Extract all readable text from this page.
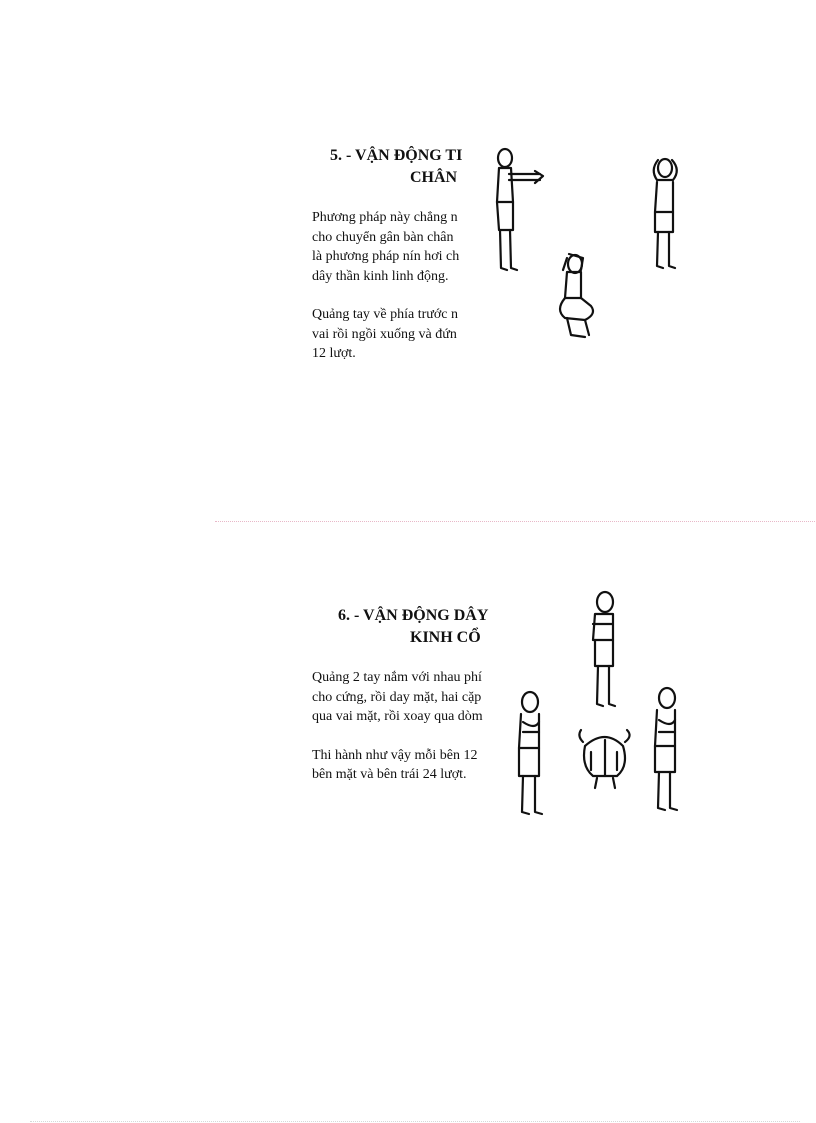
5. - VẬN ĐỘNG TI
CHÂN

Phương pháp này chẳng n
cho chuyển gân bàn chân
là phương pháp nín hơi ch
dây thần kinh linh động.

Quảng tay về phía trước n
vai rồi ngồi xuống và đứn
12 lượt.

6. - VẬN ĐỘNG DÂY
KINH CỔ

Quảng 2 tay nắm với nhau phí
cho cứng, rồi day mặt, hai cặp
qua vai mặt, rồi xoay qua dòm

Thi hành như vậy mỗi bên 12
bên mặt và bên trái 24 lượt.
